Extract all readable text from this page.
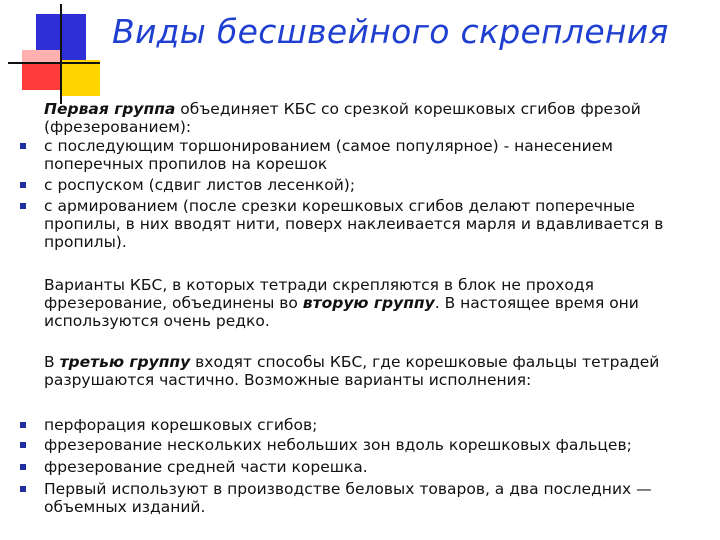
Виды бесшвейного скрепления
Первая группа объединяет КБС со срезкой корешковых сгибов фрезой (фрезерованием):
с последующим торшонированием (самое популярное) - нанесением поперечных пропилов на корешок
с роспуском (сдвиг листов лесенкой);
с армированием (после срезки корешковых сгибов делают поперечные пропилы, в них вводят нити, поверх наклеивается марля и вдавливается в пропилы).
Варианты КБС, в которых тетради скрепляются в блок не проходя фрезерование, объединены во вторую группу. В настоящее время они используются очень редко.
В третью группу входят способы КБС, где корешковые фальцы тетрадей разрушаются частично. Возможные варианты исполнения:
перфорация корешковых сгибов;
фрезерование нескольких небольших зон вдоль корешковых фальцев;
фрезерование средней части корешка.
Первый используют в производстве беловых товаров, а два последних — объемных изданий.
